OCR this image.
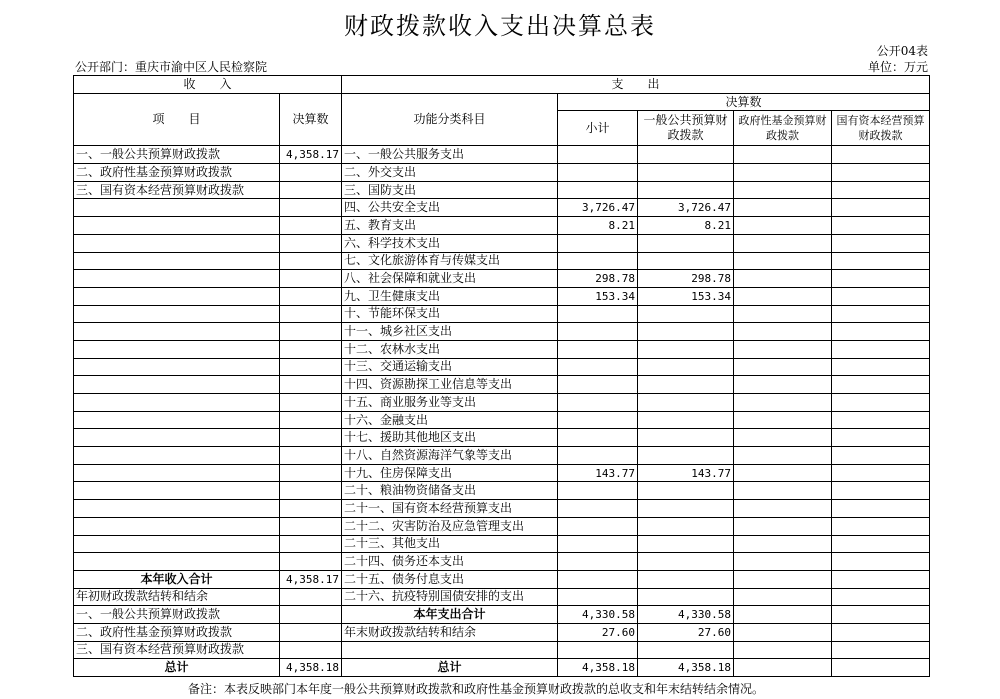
财政拨款收入支出决算总表
公开04表
公开部门：重庆市渝中区人民检察院	单位：万元
收　　入		支　　出				
项　　目	决算数	功能分类科目	决算数			
			小计	一般公共预算财政拨款	政府性基金预算财政拨款	国有资本经营预算财政拨款

一、一般公共预算财政拨款	4,358.17	一、一般公共服务支出				
二、政府性基金预算财政拨款		二、外交支出				
三、国有资本经营预算财政拨款		三、国防支出				
		四、公共安全支出	3,726.47	3,726.47		
		五、教育支出	8.21	8.21		
		六、科学技术支出				
		七、文化旅游体育与传媒支出				
		八、社会保障和就业支出	298.78	298.78		
		九、卫生健康支出	153.34	153.34		
		十、节能环保支出				
		十一、城乡社区支出				
		十二、农林水支出				
		十三、交通运输支出				
		十四、资源勘探工业信息等支出				
		十五、商业服务业等支出				
		十六、金融支出				
		十七、援助其他地区支出				
		十八、自然资源海洋气象等支出				
		十九、住房保障支出	143.77	143.77		
		二十、粮油物资储备支出				
		二十一、国有资本经营预算支出				
		二十二、灾害防治及应急管理支出				
		二十三、其他支出				
		二十四、债务还本支出				
本年收入合计	4,358.17	二十五、债务付息支出				
年初财政拨款结转和结余		二十六、抗疫特别国债安排的支出				
一、一般公共预算财政拨款		本年支出合计	4,330.58	4,330.58		
二、政府性基金预算财政拨款		年末财政拨款结转和结余	27.60	27.60		
三、国有资本经营预算财政拨款						
总计	4,358.18	总计	4,358.18	4,358.18		
备注：本表反映部门本年度一般公共预算财政拨款和政府性基金预算财政拨款的总收支和年末结转结余情况。
